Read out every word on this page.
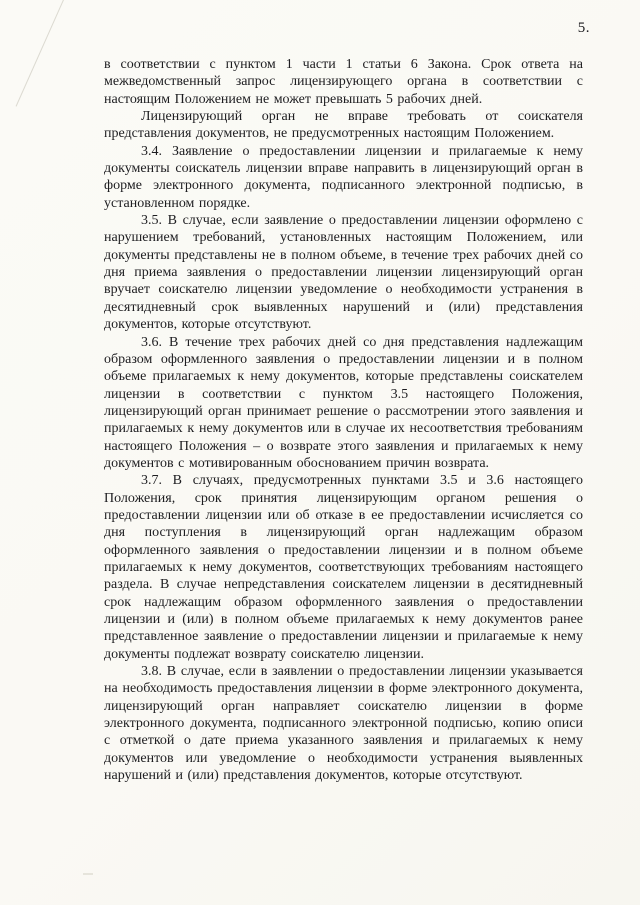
5.

в соответствии с пунктом 1 части 1 статьи 6 Закона. Срок ответа на межведомственный запрос лицензирующего органа в соответствии с настоящим Положением не может превышать 5 рабочих дней.

Лицензирующий орган не вправе требовать от соискателя представления документов, не предусмотренных настоящим Положением.

3.4. Заявление о предоставлении лицензии и прилагаемые к нему документы соискатель лицензии вправе направить в лицензирующий орган в форме электронного документа, подписанного электронной подписью, в установленном порядке.

3.5. В случае, если заявление о предоставлении лицензии оформлено с нарушением требований, установленных настоящим Положением, или документы представлены не в полном объеме, в течение трех рабочих дней со дня приема заявления о предоставлении лицензии лицензирующий орган вручает соискателю лицензии уведомление о необходимости устранения в десятидневный срок выявленных нарушений и (или) представления документов, которые отсутствуют.

3.6. В течение трех рабочих дней со дня представления надлежащим образом оформленного заявления о предоставлении лицензии и в полном объеме прилагаемых к нему документов, которые представлены соискателем лицензии в соответствии с пунктом 3.5 настоящего Положения, лицензирующий орган принимает решение о рассмотрении этого заявления и прилагаемых к нему документов или в случае их несоответствия требованиям настоящего Положения – о возврате этого заявления и прилагаемых к нему документов с мотивированным обоснованием причин возврата.

3.7. В случаях, предусмотренных пунктами 3.5 и 3.6 настоящего Положения, срок принятия лицензирующим органом решения о предоставлении лицензии или об отказе в ее предоставлении исчисляется со дня поступления в лицензирующий орган надлежащим образом оформленного заявления о предоставлении лицензии и в полном объеме прилагаемых к нему документов, соответствующих требованиям настоящего раздела. В случае непредставления соискателем лицензии в десятидневный срок надлежащим образом оформленного заявления о предоставлении лицензии и (или) в полном объеме прилагаемых к нему документов ранее представленное заявление о предоставлении лицензии и прилагаемые к нему документы подлежат возврату соискателю лицензии.

3.8. В случае, если в заявлении о предоставлении лицензии указывается на необходимость предоставления лицензии в форме электронного документа, лицензирующий орган направляет соискателю лицензии в форме электронного документа, подписанного электронной подписью, копию описи с отметкой о дате приема указанного заявления и прилагаемых к нему документов или уведомление о необходимости устранения выявленных нарушений и (или) представления документов, которые отсутствуют.
